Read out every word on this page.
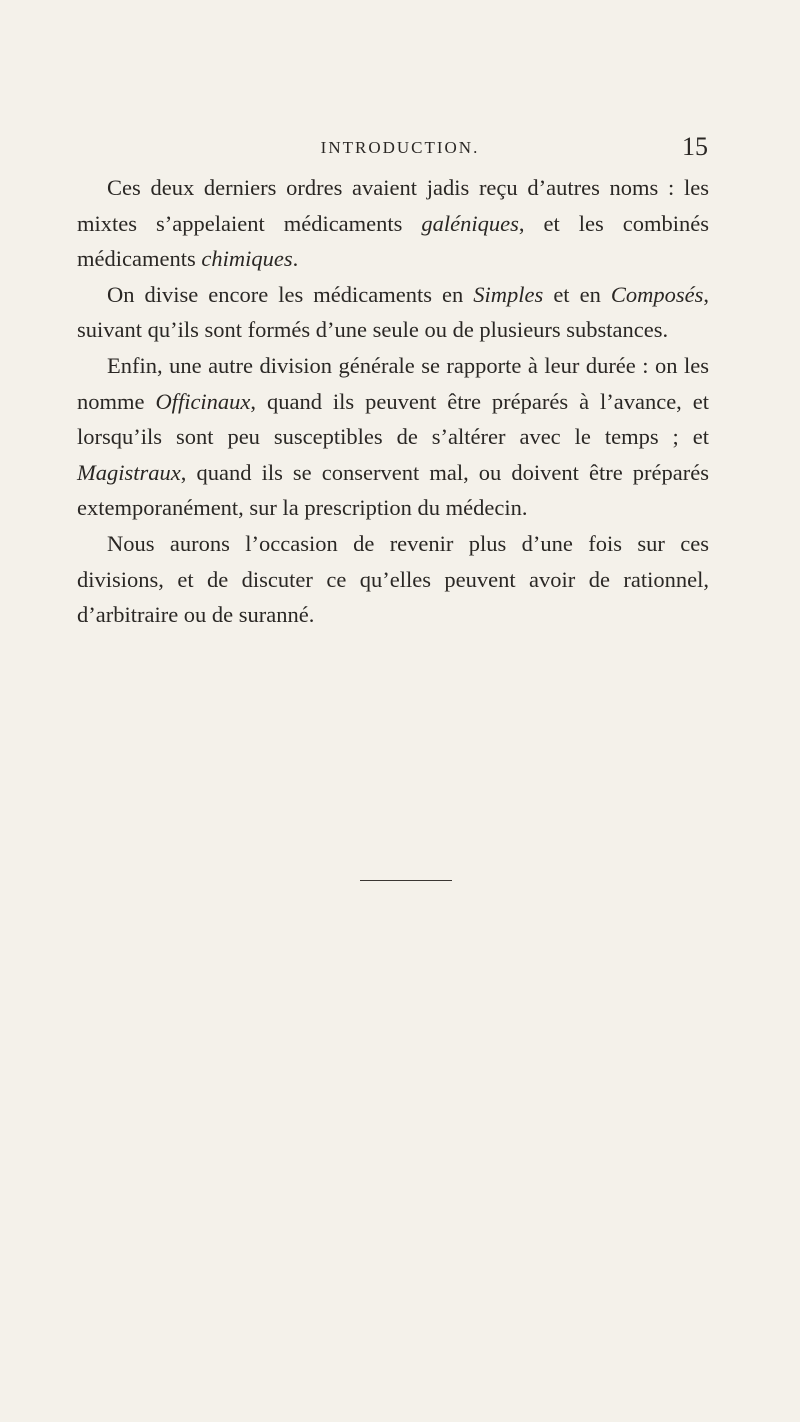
INTRODUCTION.	15

Ces deux derniers ordres avaient jadis reçu d’autres noms : les mixtes s’appelaient médicaments galéniques, et les combinés médicaments chimiques.

On divise encore les médicaments en Simples et en Composés, suivant qu’ils sont formés d’une seule ou de plusieurs substances.

Enfin, une autre division générale se rapporte à leur durée : on les nomme Officinaux, quand ils peuvent être préparés à l’avance, et lorsqu’ils sont peu susceptibles de s’altérer avec le temps ; et Magistraux, quand ils se conservent mal, ou doivent être préparés extemporanément, sur la prescription du médecin.

Nous aurons l’occasion de revenir plus d’une fois sur ces divisions, et de discuter ce qu’elles peuvent avoir de rationnel, d’arbitraire ou de suranné.
